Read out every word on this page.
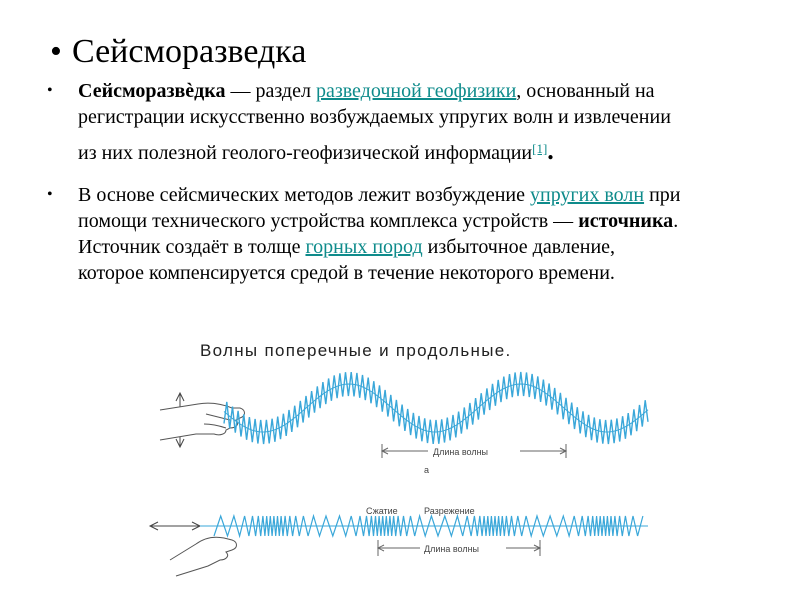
• Сейсморазведка
• Сейсморазвѐдка — раздел разведочной геофизики, основанный на
регистрации искусственно возбуждаемых упругих волн и извлечении
из них полезной геолого-геофизической информации[1].
• В основе сейсмических методов лежит возбуждение упругих волн при
помощи технического устройства комплекса устройств — источника.
Источник создаёт в толще горных пород избыточное давление,
которое компенсируется средой в течение некоторого времени.
Волны поперечные и продольные.
Длина волны
а
Сжатие	Разрежение
Длина волны
